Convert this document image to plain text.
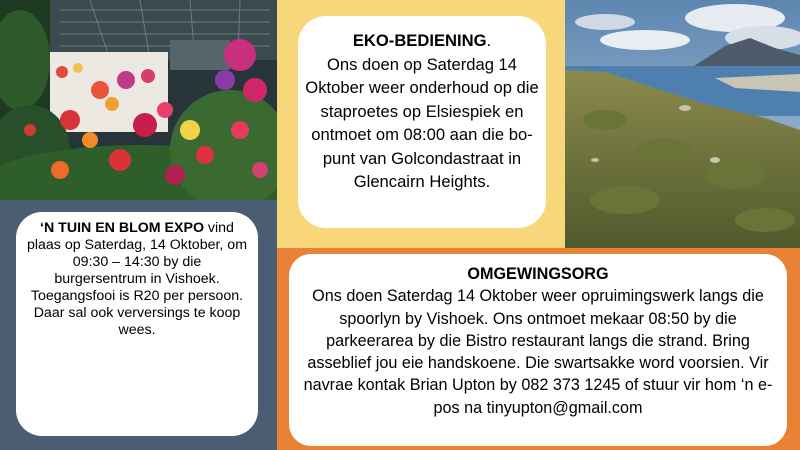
‘N TUIN EN BLOM EXPO vind plaas op Saterdag, 14 Oktober, om 09:30 – 14:30 by die burgersentrum in Vishoek. Toegangsfooi is R20 per persoon. Daar sal ook verversings te koop wees.
EKO-BEDIENING.
Ons doen op Saterdag 14 Oktober weer onderhoud op die staproetes op Elsiespiek en ontmoet om 08:00 aan die bo-punt van Golcondastraat in Glencairn Heights.
OMGEWINGSORG
Ons doen Saterdag 14 Oktober weer opruimingswerk langs die spoorlyn by Vishoek. Ons ontmoet mekaar 08:50 by die parkeerarea by die Bistro restaurant langs die strand. Bring asseblief jou eie handskoene. Die swartsakke word voorsien. Vir navrae kontak Brian Upton by 082 373 1245 of stuur vir hom ‘n e-pos na tinyupton@gmail.com
